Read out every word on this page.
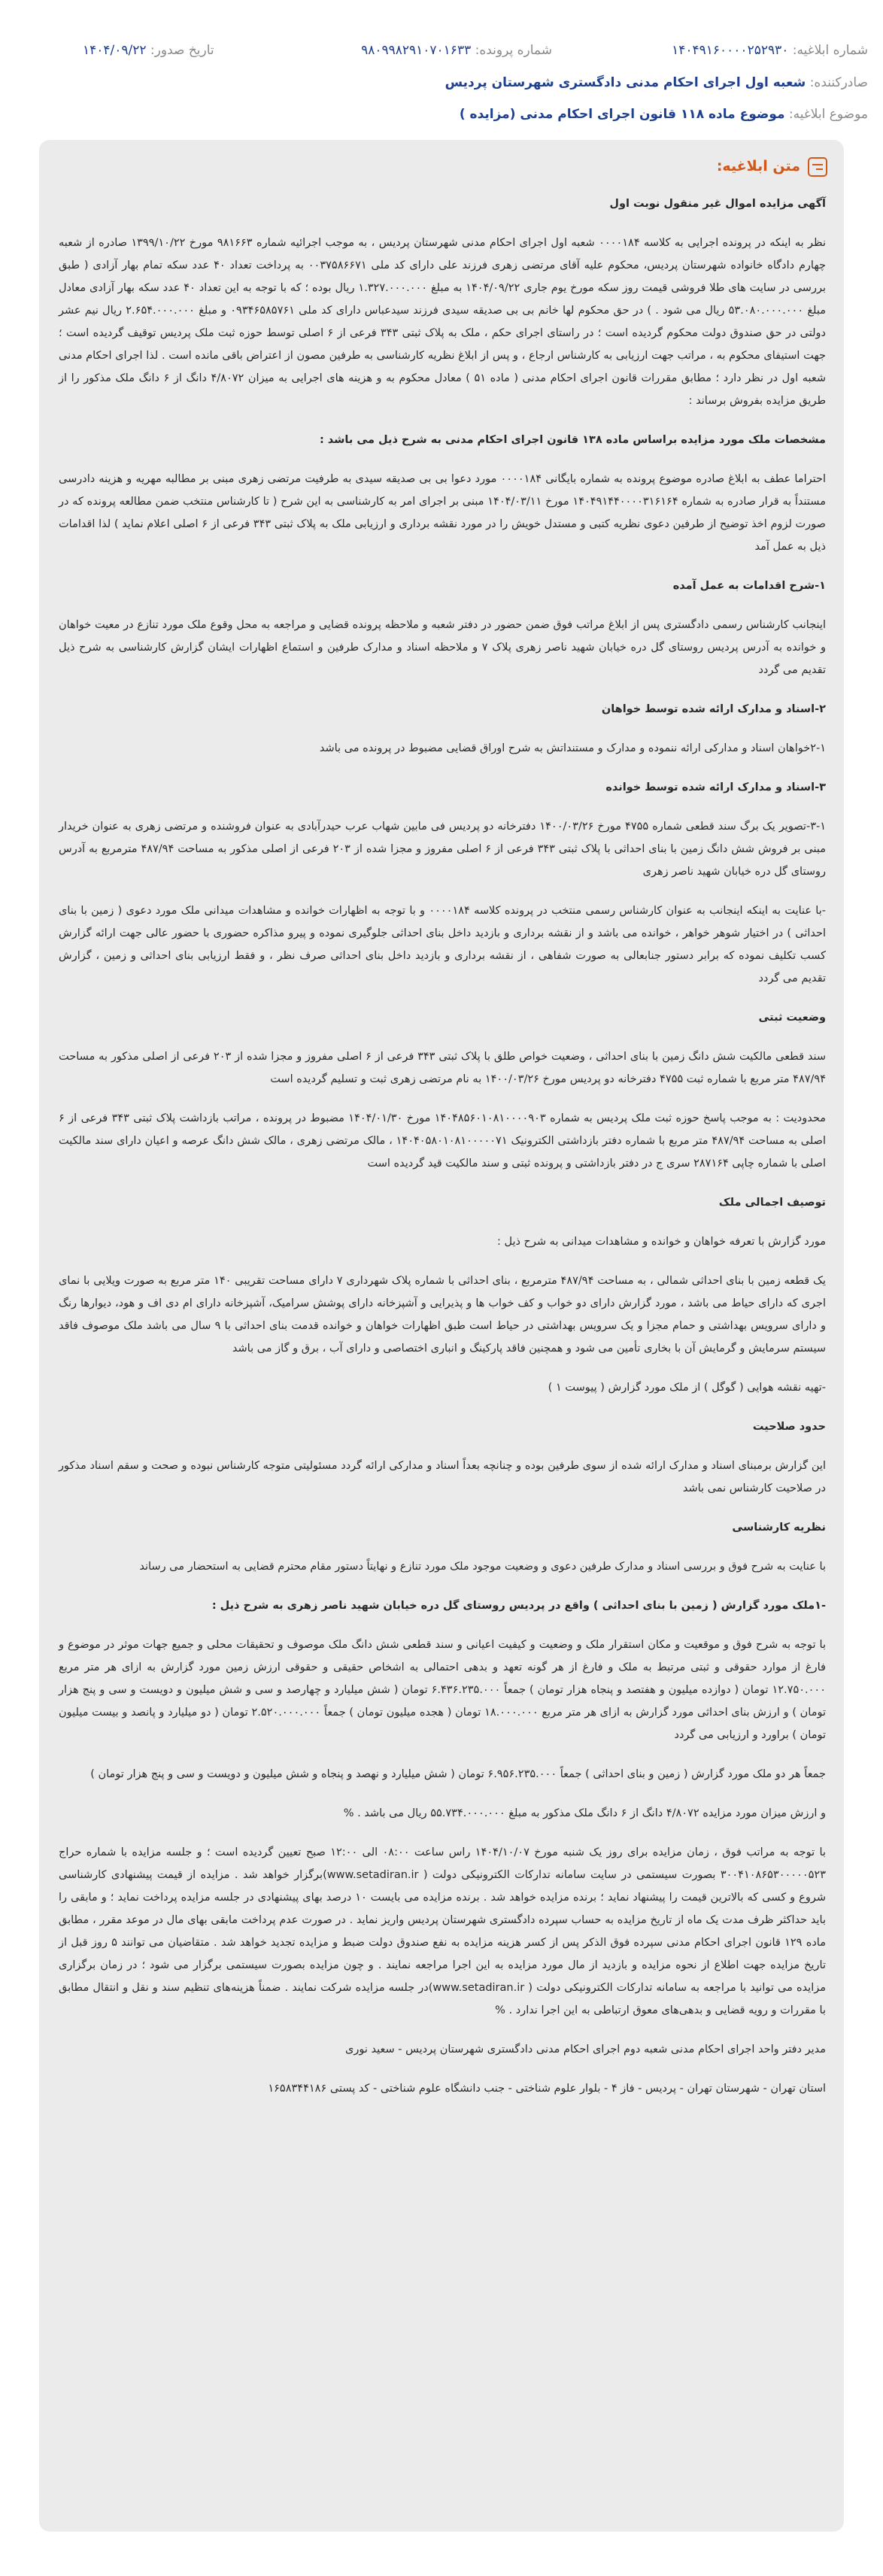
شماره ابلاغیه: ۱۴۰۴۹۱۶۰۰۰۰۲۵۲۹۳۰
شماره پرونده: ۹۸۰۹۹۸۲۹۱۰۷۰۱۶۳۳
تاریخ صدور: ۱۴۰۴/۰۹/۲۲
صادرکننده: شعبه اول اجرای احکام مدنی دادگستری شهرستان پردیس
موضوع ابلاغیه: موضوع ماده ۱۱۸ قانون اجرای احکام مدنی (مزایده )
متن ابلاغیه:

آگهی مزایده اموال غیر منقول نوبت اول

نظر به اینکه در پرونده اجرایی به کلاسه ۰۰۰۰۱۸۴ شعبه اول اجرای احکام مدنی شهرستان پردیس ، به موجب اجرائیه شماره ۹۸۱۶۶۳ مورخ ۱۳۹۹/۱۰/۲۲ صادره از شعبه چهارم دادگاه خانواده شهرستان پردیس، محکوم علیه آقای مرتضی زهری فرزند علی دارای کد ملی ۰۰۳۷۵۸۶۶۷۱ به پرداخت تعداد ۴۰ عدد سکه تمام بهار آزادی ( طبق بررسی در سایت های طلا فروشی قیمت روز سکه مورخ یوم جاری ۱۴۰۴/۰۹/۲۲ به مبلغ ۱.۳۲۷.۰۰۰.۰۰۰ ریال بوده ؛ که با توجه به این تعداد ۴۰ عدد سکه بهار آزادی معادل مبلغ ۵۳.۰۸۰.۰۰۰.۰۰۰ ریال می شود . ) در حق محکوم لها خانم بی بی صدیقه سیدی فرزند سیدعباس دارای کد ملی ۰۹۳۴۶۵۸۵۷۶۱ و مبلغ ۲.۶۵۴.۰۰۰.۰۰۰ ریال نیم عشر دولتی در حق صندوق دولت محکوم گردیده است ؛ در راستای اجرای حکم ، ملک به پلاک ثبتی ۳۴۳ فرعی از ۶ اصلی توسط حوزه ثبت ملک پردیس توقیف گردیده است ؛ جهت استیفای محکوم به ، مراتب جهت ارزیابی به کارشناس ارجاع ، و پس از ابلاغ نظریه کارشناسی به طرفین مصون از اعتراض باقی مانده است . لذا اجرای احکام مدنی شعبه اول در نظر دارد ؛ مطابق مقررات قانون اجرای احکام مدنی ( ماده ۵۱ ) معادل محکوم به و هزینه های اجرایی به میزان ۴/۸۰۷۲ دانگ از ۶ دانگ ملک مذکور را از طریق مزایده بفروش برساند :

مشخصات ملک مورد مزایده براساس ماده ۱۳۸ قانون اجرای احکام مدنی به شرح ذیل می باشد :

احتراما عطف به ابلاغ صادره موضوع پرونده به شماره بایگانی ۰۰۰۰۱۸۴ مورد دعوا بی بی صدیقه سیدی به طرفیت مرتضی زهری مبنی بر مطالبه مهریه و هزینه دادرسی مستنداً به قرار صادره به شماره ۱۴۰۴۹۱۴۴۰۰۰۰۳۱۶۱۶۴ مورخ ۱۴۰۴/۰۳/۱۱ مبنی بر اجرای امر به کارشناسی به این شرح ( تا کارشناس منتخب ضمن مطالعه پرونده که در صورت لزوم اخذ توضیح از طرفین دعوی نظریه کتبی و مستدل خویش را در مورد نقشه برداری و ارزیابی ملک به پلاک ثبتی ۳۴۳ فرعی از ۶ اصلی اعلام نماید ) لذا اقدامات ذیل به عمل آمد

۱-شرح اقدامات به عمل آمده

اینجانب کارشناس رسمی دادگستری پس از ابلاغ مراتب فوق ضمن حضور در دفتر شعبه و ملاحظه پرونده قضایی و مراجعه به محل وقوع ملک مورد تنازع در معیت خواهان و خوانده به آدرس پردیس روستای گل دره خیابان شهید ناصر زهری پلاک ۷ و ملاحظه اسناد و مدارک طرفین و استماع اظهارات ایشان گزارش کارشناسی به شرح ذیل تقدیم می گردد

۲-اسناد و مدارک ارائه شده توسط خواهان

۲-۱خواهان اسناد و مدارکی ارائه ننموده و مدارک و مستنداتش به شرح اوراق قضایی مضبوط در پرونده می باشد

۳-اسناد و مدارک ارائه شده توسط خوانده

۳-۱-تصویر یک برگ سند قطعی شماره ۴۷۵۵ مورخ ۱۴۰۰/۰۳/۲۶ دفترخانه دو پردیس فی مابین شهاب عرب حیدرآبادی به عنوان فروشنده و مرتضی زهری به عنوان خریدار مبنی بر فروش شش دانگ زمین با بنای احداثی با پلاک ثبتی ۳۴۳ فرعی از ۶ اصلی مفروز و مجزا شده از ۲۰۳ فرعی از اصلی مذکور به مساحت ۴۸۷/۹۴ مترمربع به آدرس روستای گل دره خیابان شهید ناصر زهری

-با عنایت به اینکه اینجانب به عنوان کارشناس رسمی منتخب در پرونده کلاسه ۰۰۰۰۱۸۴ و با توجه به اظهارات خوانده و مشاهدات میدانی ملک مورد دعوی ( زمین با بنای احداثی ) در اختیار شوهر خواهر ، خوانده می باشد و از نقشه برداری و بازدید داخل بنای احداثی جلوگیری نموده و پیرو مذاکره حضوری با حضور عالی جهت ارائه گزارش کسب تکلیف نموده که برابر دستور جنابعالی به صورت شفاهی ، از نقشه برداری و بازدید داخل بنای احداثی صرف نظر ، و فقط ارزیابی بنای احداثی و زمین ، گزارش تقدیم می گردد

وضعیت ثبتی

سند قطعی مالکیت شش دانگ زمین با بنای احداثی ، وضعیت خواص طلق با پلاک ثبتی ۳۴۳ فرعی از ۶ اصلی مفروز و مجزا شده از ۲۰۳ فرعی از اصلی مذکور به مساحت ۴۸۷/۹۴ متر مربع با شماره ثبت ۴۷۵۵ دفترخانه دو پردیس مورخ ۱۴۰۰/۰۳/۲۶ به نام مرتضی زهری ثبت و تسلیم گردیده است

محدودیت : به موجب پاسخ حوزه ثبت ملک پردیس به شماره ۱۴۰۴۸۵۶۰۱۰۸۱۰۰۰۰۹۰۳ مورخ ۱۴۰۴/۰۱/۳۰ مضبوط در پرونده ، مراتب بازداشت پلاک ثبتی ۳۴۳ فرعی از ۶ اصلی به مساحت ۴۸۷/۹۴ متر مربع با شماره دفتر بازداشتی الکترونیک ۱۴۰۴۰۵۸۰۱۰۸۱۰۰۰۰۰۷۱ ، مالک مرتضی زهری ، مالک شش دانگ عرصه و اعیان دارای سند مالکیت اصلی با شماره چاپی ۲۸۷۱۶۴ سری ج در دفتر بازداشتی و پرونده ثبتی و سند مالکیت قید گردیده است

توصیف اجمالی ملک

مورد گزارش با تعرفه خواهان و خوانده و مشاهدات میدانی به شرح ذیل :

یک قطعه زمین با بنای احداثی شمالی ، به مساحت ۴۸۷/۹۴ مترمربع ، بنای احداثی با شماره پلاک شهرداری ۷ دارای مساحت تقریبی ۱۴۰ متر مربع به صورت ویلایی با نمای اجری که دارای حیاط می باشد ، مورد گزارش دارای دو خواب و کف خواب ها و پذیرایی و آشپزخانه دارای پوشش سرامیک، آشپزخانه دارای ام دی اف و هود، دیوارها رنگ و دارای سرویس بهداشتی و حمام مجزا و یک سرویس بهداشتی در حیاط است طبق اظهارات خواهان و خوانده قدمت بنای احداثی با ۹ سال می باشد ملک موصوف فاقد سیستم سرمایش و گرمایش آن با بخاری تأمین می شود و همچنین فاقد پارکینگ و انباری اختصاصی و دارای آب ، برق و گاز می باشد

-تهیه نقشه هوایی ( گوگل ) از ملک مورد گزارش ( پیوست ۱ )

حدود صلاحیت

این گزارش برمبنای اسناد و مدارک ارائه شده از سوی طرفین بوده و چنانچه بعداً اسناد و مدارکی ارائه گردد مسئولیتی متوجه کارشناس نبوده و صحت و سقم اسناد مذکور در صلاحیت کارشناس نمی باشد

نظریه کارشناسی

با عنایت به شرح فوق و بررسی اسناد و مدارک طرفین دعوی و وضعیت موجود ملک مورد تنازع و نهایتاً دستور مقام محترم قضایی به استحضار می رساند

-۱ملک مورد گزارش ( زمین با بنای احداثی ) واقع در پردیس روستای گل دره خیابان شهید ناصر زهری به شرح ذیل :

با توجه به شرح فوق و موقعیت و مکان استقرار ملک و وضعیت و کیفیت اعیانی و سند قطعی شش دانگ ملک موصوف و تحقیقات محلی و جمیع جهات موثر در موضوع و فارغ از موارد حقوقی و ثبتی مرتبط به ملک و فارغ از هر گونه تعهد و بدهی احتمالی به اشخاص حقیقی و حقوقی ارزش زمین مورد گزارش به ازای هر متر مربع ۱۲.۷۵۰.۰۰۰ تومان ( دوازده میلیون و هفتصد و پنجاه هزار تومان ) جمعاً ۶.۴۳۶.۲۳۵.۰۰۰ تومان ( شش میلیارد و چهارصد و سی و شش میلیون و دویست و سی و پنج هزار تومان ) و ارزش بنای احداثی مورد گزارش به ازای هر متر مربع ۱۸.۰۰۰.۰۰۰ تومان ( هجده میلیون تومان ) جمعاً ۲.۵۲۰.۰۰۰.۰۰۰ تومان ( دو میلیارد و پانصد و بیست میلیون تومان ) براورد و ارزیابی می گردد

جمعاً هر دو ملک مورد گزارش ( زمین و بنای احداثی ) جمعاً ۶.۹۵۶.۲۳۵.۰۰۰ تومان ( شش میلیارد و نهصد و پنجاه و شش میلیون و دویست و سی و پنج هزار تومان )

و ارزش میزان مورد مزایده ۴/۸۰۷۲ دانگ از ۶ دانگ ملک مذکور به مبلغ ۵۵.۷۳۴.۰۰۰.۰۰۰ ریال می باشد . %

با توجه به مراتب فوق ، زمان مزایده برای روز یک شنبه مورخ ۱۴۰۴/۱۰/۰۷ راس ساعت ۰۸:۰۰ الی ۱۲:۰۰ صبح تعیین گردیده است ؛ و جلسه مزایده با شماره حراج ۳۰۰۴۱۰۸۶۵۳۰۰۰۰۰۵۲۳ بصورت سیستمی در سایت سامانه تدارکات الکترونیکی دولت ( www.setadiran.ir)برگزار خواهد شد . مزایده از قیمت پیشنهادی کارشناسی شروع و کسی که بالاترین قیمت را پیشنهاد نماید ؛ برنده مزایده خواهد شد . برنده مزایده می بایست ۱۰ درصد بهای پیشنهادی در جلسه مزایده پرداخت نماید ؛ و مابقی را باید حداکثر ظرف مدت یک ماه از تاریخ مزایده به حساب سپرده دادگستری شهرستان پردیس واریز نماید . در صورت عدم پرداخت مابقی بهای مال در موعد مقرر ، مطابق ماده ۱۲۹ قانون اجرای احکام مدنی سپرده فوق الذکر پس از کسر هزینه مزایده به نفع صندوق دولت ضبط و مزایده تجدید خواهد شد . متقاضیان می توانند ۵ روز قبل از تاریخ مزایده جهت اطلاع از نحوه مزایده و بازدید از مال مورد مزایده به این اجرا مراجعه نمایند . و چون مزایده بصورت سیستمی برگزار می شود ؛ در زمان برگزاری مزایده می توانید با مراجعه به سامانه تدارکات الکترونیکی دولت ( www.setadiran.ir)در جلسه مزایده شرکت نمایند . ضمناً هزینه‌های تنظیم سند و نقل و انتقال مطابق با مقررات و رویه قضایی و بدهی‌های معوق ارتباطی به این اجرا ندارد . %

مدیر دفتر واحد اجرای احکام مدنی شعبه دوم اجرای احکام مدنی دادگستری شهرستان پردیس - سعید نوری

استان تهران - شهرستان تهران - پردیس - فاز ۴ - بلوار علوم شناختی - جنب دانشگاه علوم شناختی - کد پستی ۱۶۵۸۳۴۴۱۸۶
